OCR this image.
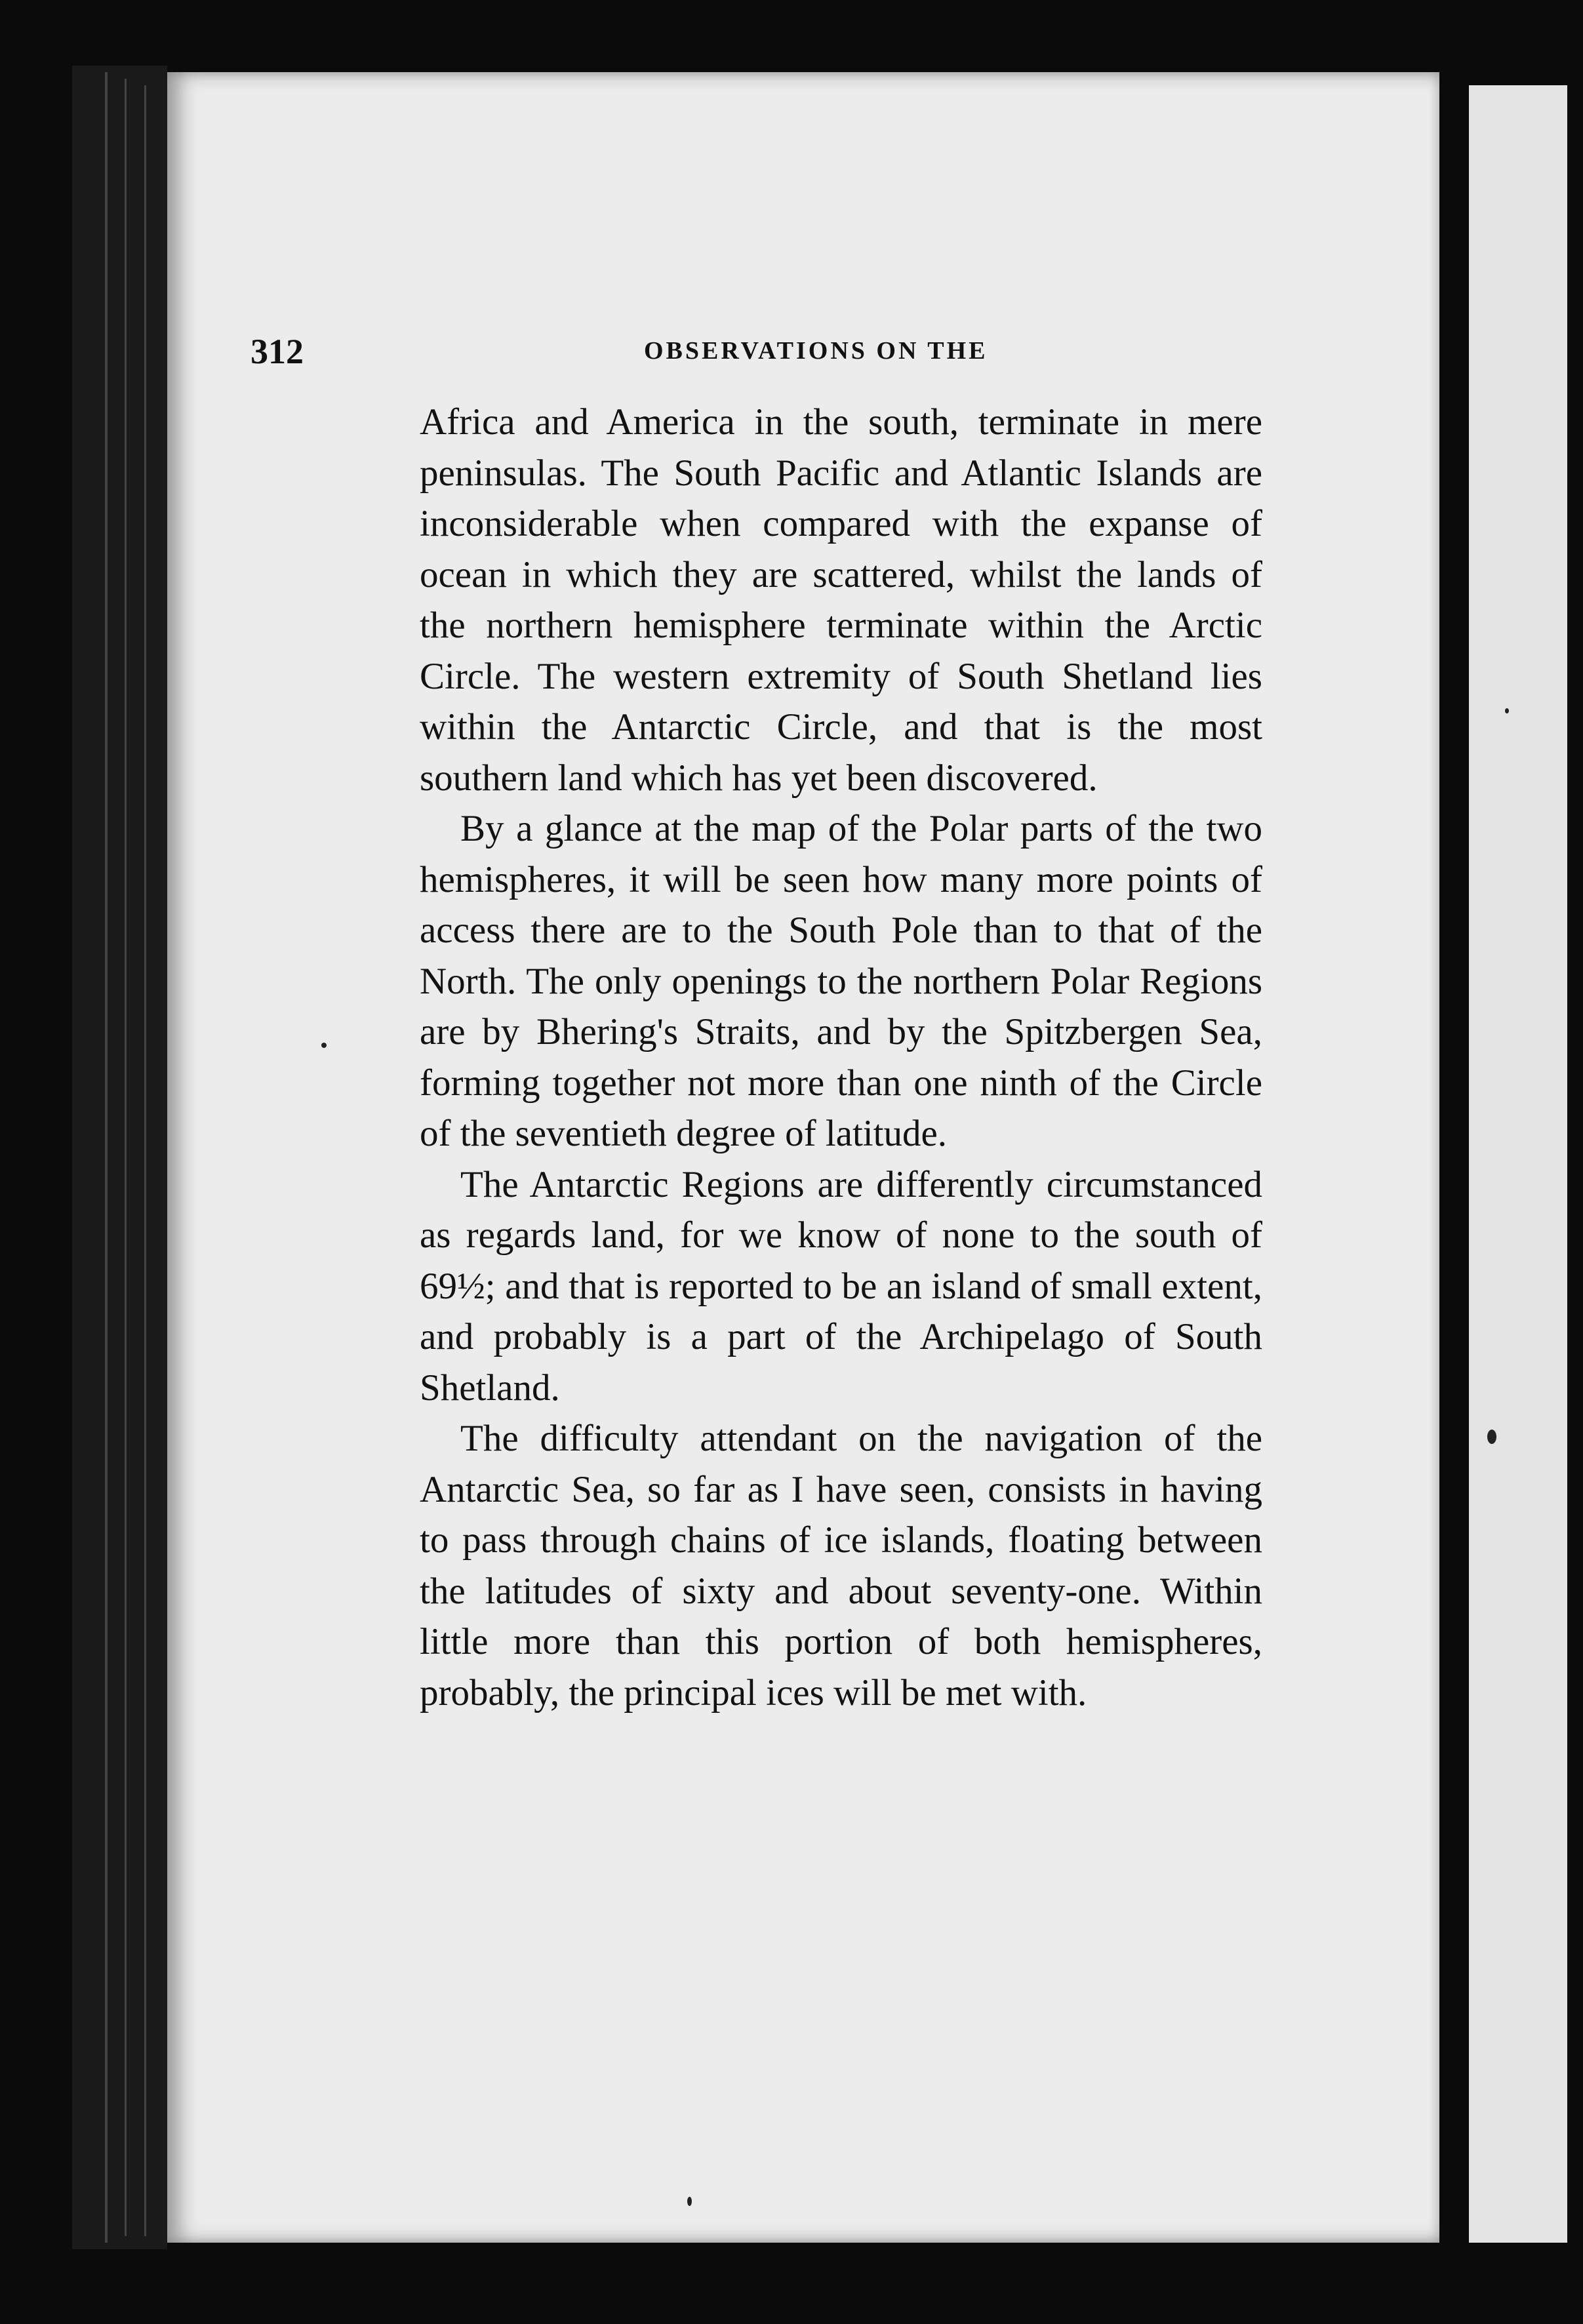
312	OBSERVATIONS ON THE

Africa and America in the south, terminate in mere peninsulas. The South Pacific and Atlantic Islands are inconsiderable when compared with the expanse of ocean in which they are scattered, whilst the lands of the northern hemisphere terminate within the Arctic Circle. The western extremity of South Shetland lies within the Antarctic Circle, and that is the most southern land which has yet been discovered.

By a glance at the map of the Polar parts of the two hemispheres, it will be seen how many more points of access there are to the South Pole than to that of the North. The only openings to the northern Polar Regions are by Bhering's Straits, and by the Spitzbergen Sea, forming together not more than one ninth of the Circle of the seventieth degree of latitude.

The Antarctic Regions are differently circumstanced as regards land, for we know of none to the south of 69½; and that is reported to be an island of small extent, and probably is a part of the Archipelago of South Shetland.

The difficulty attendant on the navigation of the Antarctic Sea, so far as I have seen, consists in having to pass through chains of ice islands, floating between the latitudes of sixty and about seventy-one. Within little more than this portion of both hemispheres, probably, the principal ices will be met with.
